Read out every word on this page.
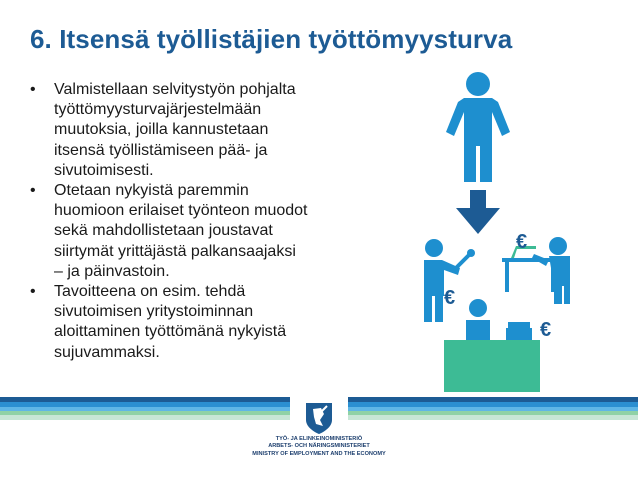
6. Itsensä työllistäjien työttömyysturva
• Valmistellaan selvitystyön pohjalta
työttömyysturvajärjestelmään
muutoksia, joilla kannustetaan
itsensä työllistämiseen pää- ja
sivutoimisesti.
• Otetaan nykyistä paremmin
huomioon erilaiset työnteon muodot
sekä mahdollistetaan joustavat
siirtymät yrittäjästä palkansaajaksi
– ja päinvastoin.
• Tavoitteena on esim. tehdä
sivutoimisen yritystoiminnan
aloittaminen työttömänä nykyistä
sujuvammaksi.
€
€
€
TYÖ- JA ELINKEINOMINISTERIÖ
ARBETS- OCH NÄRINGSMINISTERIET
MINISTRY OF EMPLOYMENT AND THE ECONOMY
